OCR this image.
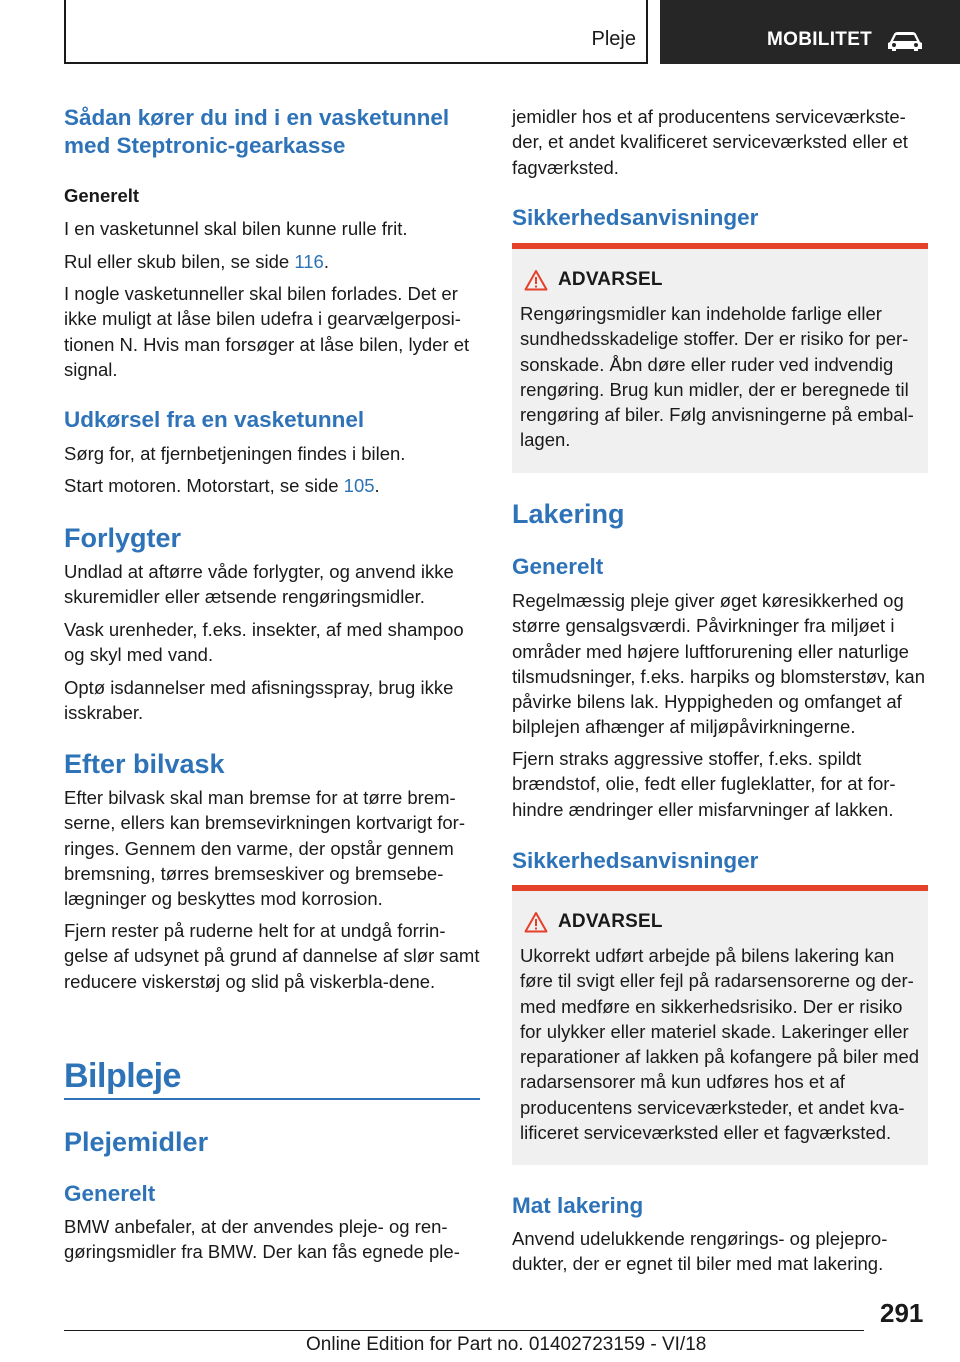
Pleje	MOBILITET
Sådan kører du ind i en vasketunnel med Steptronic-gearkasse
Generelt

I en vasketunnel skal bilen kunne rulle frit.

Rul eller skub bilen, se side 116.

I nogle vasketunneller skal bilen forlades. Det er ikke muligt at låse bilen udefra i gearvælgerposi-tionen N. Hvis man forsøger at låse bilen, lyder et signal.

Udkørsel fra en vasketunnel

Sørg for, at fjernbetjeningen findes i bilen.

Start motoren. Motorstart, se side 105.

Forlygter

Undlad at aftørre våde forlygter, og anvend ikke skuremidler eller ætsende rengøringsmidler.

Vask urenheder, f.eks. insekter, af med shampoo og skyl med vand.

Optø isdannelser med afisningsspray, brug ikke isskraber.

Efter bilvask

Efter bilvask skal man bremse for at tørre brem-serne, ellers kan bremsevirkningen kortvarigt for-ringes. Gennem den varme, der opstår gennem bremsning, tørres bremseskiver og bremsebe-lægninger og beskyttes mod korrosion.

Fjern rester på ruderne helt for at undgå forrin-gelse af udsynet på grund af dannelse af slør samt reducere viskerstøj og slid på viskerbla-dene.

Bilpleje
Plejemidler
Generelt

BMW anbefaler, at der anvendes pleje- og ren-gøringsmidler fra BMW. Der kan fås egnede ple-

jemidler hos et af producentens serviceværkste-der, et andet kvalificeret serviceværksted eller et fagværksted.

Sikkerhedsanvisninger
ADVARSEL

Rengøringsmidler kan indeholde farlige eller sundhedsskadelige stoffer. Der er risiko for per-sonskade. Åbn døre eller ruder ved indvendig rengøring. Brug kun midler, der er beregnede til rengøring af biler. Følg anvisningerne på embal-lagen.

Lakering
Generelt

Regelmæssig pleje giver øget køresikkerhed og større gensalgsværdi. Påvirkninger fra miljøet i områder med højere luftforurening eller naturlige tilsmudsninger, f.eks. harpiks og blomsterstøv, kan påvirke bilens lak. Hyppigheden og omfanget af bilplejen afhænger af miljøpåvirkningerne.

Fjern straks aggressive stoffer, f.eks. spildt brændstof, olie, fedt eller fugleklatter, for at for-hindre ændringer eller misfarvninger af lakken.

Sikkerhedsanvisninger
ADVARSEL

Ukorrekt udført arbejde på bilens lakering kan føre til svigt eller fejl på radarsensorerne og der-med medføre en sikkerhedsrisiko. Der er risiko for ulykker eller materiel skade. Lakeringer eller reparationer af lakken på kofangere på biler med radarsensorer må kun udføres hos et af producentens serviceværksteder, et andet kva-lificeret serviceværksted eller et fagværksted.

Mat lakering

Anvend udelukkende rengørings- og plejepro-dukter, der er egnet til biler med mat lakering.

291
Online Edition for Part no. 01402723159 - VI/18
